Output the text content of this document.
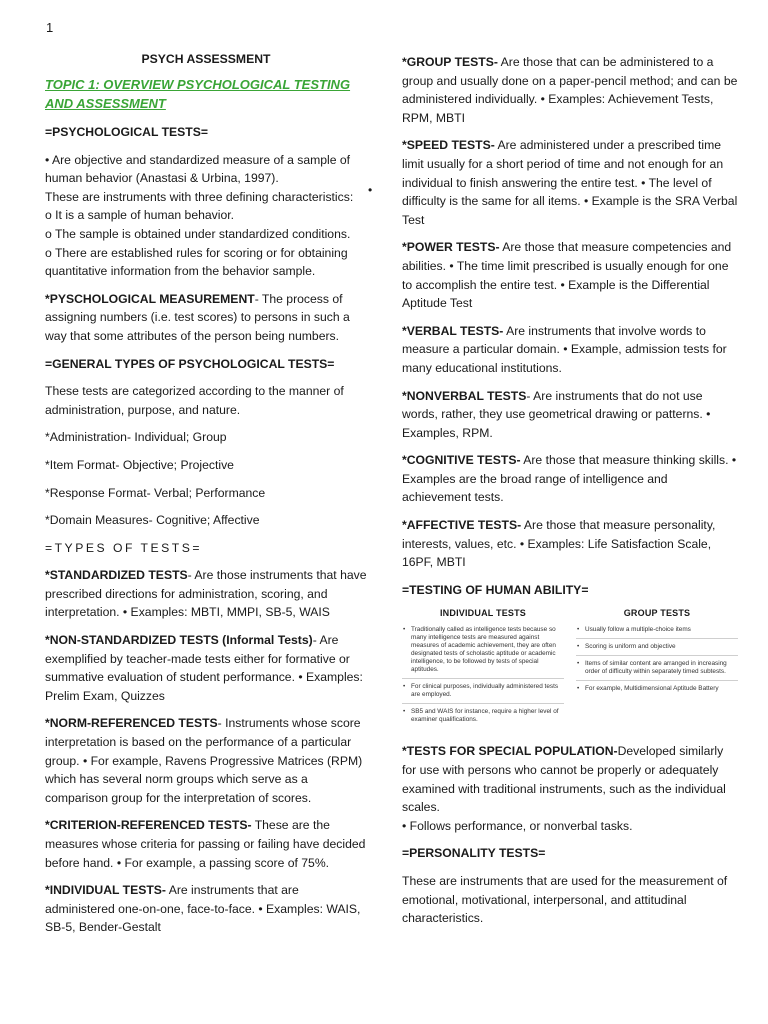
1
•
PSYCH ASSESSMENT
TOPIC 1: OVERVIEW PSYCHOLOGICAL TESTING AND ASSESSMENT
=PSYCHOLOGICAL TESTS=
• Are objective and standardized measure of a sample of human behavior (Anastasi & Urbina, 1997).
These are instruments with three defining characteristics:
o It is a sample of human behavior.
o The sample is obtained under standardized conditions.
o There are established rules for scoring or for obtaining quantitative information from the behavior sample.
*PYSCHOLOGICAL MEASUREMENT- The process of assigning numbers (i.e. test scores) to persons in such a way that some attributes of the person being numbers.
=GENERAL TYPES OF PSYCHOLOGICAL TESTS=
These tests are categorized according to the manner of administration, purpose, and nature.
*Administration- Individual; Group
*Item Format- Objective; Projective
*Response Format- Verbal; Performance
*Domain Measures- Cognitive; Affective
=TYPES OF TESTS=
*STANDARDIZED TESTS- Are those instruments that have prescribed directions for administration, scoring, and interpretation. • Examples: MBTI, MMPI, SB-5, WAIS
*NON-STANDARDIZED TESTS (Informal Tests)- Are exemplified by teacher-made tests either for formative or summative evaluation of student performance. • Examples: Prelim Exam, Quizzes
*NORM-REFERENCED TESTS- Instruments whose score interpretation is based on the performance of a particular group. • For example, Ravens Progressive Matrices (RPM) which has several norm groups which serve as a comparison group for the interpretation of scores.
*CRITERION-REFERENCED TESTS- These are the measures whose criteria for passing or failing have decided before hand. • For example, a passing score of 75%.
*INDIVIDUAL TESTS- Are instruments that are administered one-on-one, face-to-face. • Examples: WAIS, SB-5, Bender-Gestalt
*GROUP TESTS- Are those that can be administered to a group and usually done on a paper-pencil method; and can be administered individually. • Examples: Achievement Tests, RPM, MBTI
*SPEED TESTS- Are administered under a prescribed time limit usually for a short period of time and not enough for an individual to finish answering the entire test. • The level of difficulty is the same for all items. • Example is the SRA Verbal Test
*POWER TESTS- Are those that measure competencies and abilities. • The time limit prescribed is usually enough for one to accomplish the entire test. • Example is the Differential Aptitude Test
*VERBAL TESTS- Are instruments that involve words to measure a particular domain. • Example, admission tests for many educational institutions.
*NONVERBAL TESTS- Are instruments that do not use words, rather, they use geometrical drawing or patterns. • Examples, RPM.
*COGNITIVE TESTS- Are those that measure thinking skills. • Examples are the broad range of intelligence and achievement tests.
*AFFECTIVE TESTS- Are those that measure personality, interests, values, etc. • Examples: Life Satisfaction Scale, 16PF, MBTI
=TESTING OF HUMAN ABILITY=
INDIVIDUAL TESTS
• Traditionally called as intelligence tests because so many intelligence tests are measured against measures of academic achievement, they are often designated tests of scholastic aptitude or academic intelligence, to be followed by tests of special aptitudes.
• For clinical purposes, individually administered tests are employed.
• SB5 and WAIS for instance, require a higher level of examiner qualifications.
GROUP TESTS
• Usually follow a multiple-choice items
• Scoring is uniform and objective
• Items of similar content are arranged in increasing order of difficulty within separately timed subtests.
• For example, Multidimensional Aptitude Battery
*TESTS FOR SPECIAL POPULATION-Developed similarly for use with persons who cannot be properly or adequately examined with traditional instruments, such as the individual scales.
• Follows performance, or nonverbal tasks.
=PERSONALITY TESTS=
These are instruments that are used for the measurement of emotional, motivational, interpersonal, and attitudinal characteristics.
